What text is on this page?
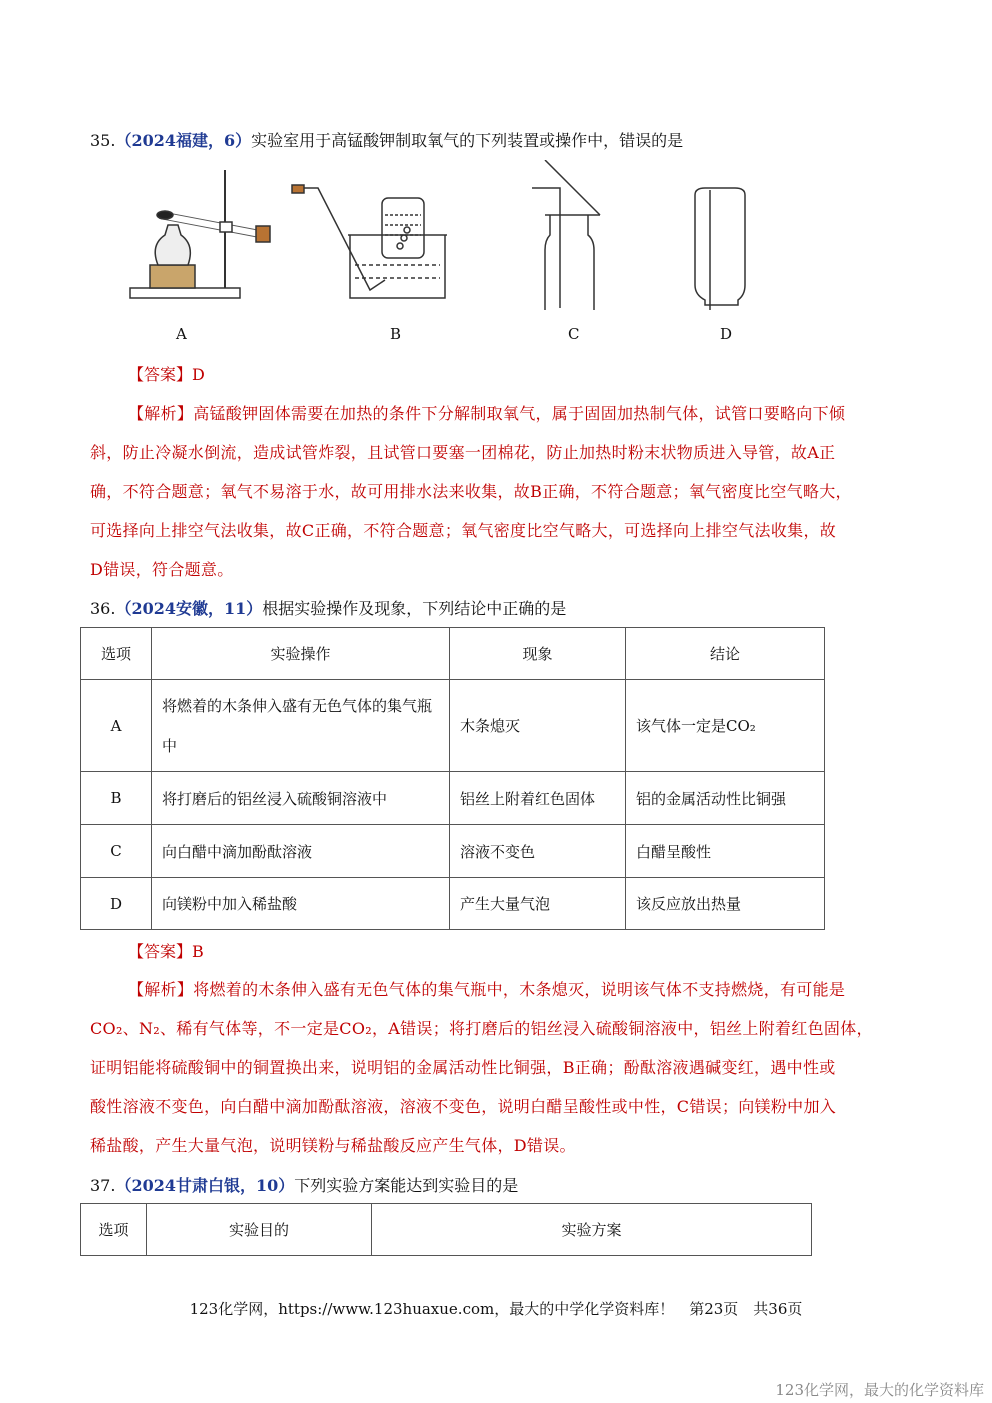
35.（2024福建，6）实验室用于高锰酸钾制取氧气的下列装置或操作中，错误的是
A	B	C	D
【答案】D
【解析】高锰酸钾固体需要在加热的条件下分解制取氧气，属于固固加热制气体，试管口要略向下倾
斜，防止冷凝水倒流，造成试管炸裂，且试管口要塞一团棉花，防止加热时粉末状物质进入导管，故A正
确，不符合题意；氧气不易溶于水，故可用排水法来收集，故B正确，不符合题意；氧气密度比空气略大，
可选择向上排空气法收集，故C正确，不符合题意；氧气密度比空气略大，可选择向上排空气法收集，故
D错误，符合题意。
36.（2024安徽，11）根据实验操作及现象，下列结论中正确的是
选项	实验操作	现象	结论
A	将燃着的木条伸入盛有无色气体的集气瓶中	木条熄灭	该气体一定是CO₂
B	将打磨后的铝丝浸入硫酸铜溶液中	铝丝上附着红色固体	铝的金属活动性比铜强
C	向白醋中滴加酚酞溶液	溶液不变色	白醋呈酸性
D	向镁粉中加入稀盐酸	产生大量气泡	该反应放出热量
【答案】B
【解析】将燃着的木条伸入盛有无色气体的集气瓶中，木条熄灭，说明该气体不支持燃烧，有可能是
CO₂、N₂、稀有气体等，不一定是CO₂，A错误；将打磨后的铝丝浸入硫酸铜溶液中，铝丝上附着红色固体，
证明铝能将硫酸铜中的铜置换出来，说明铝的金属活动性比铜强，B正确；酚酞溶液遇碱变红，遇中性或
酸性溶液不变色，向白醋中滴加酚酞溶液，溶液不变色，说明白醋呈酸性或中性，C错误；向镁粉中加入
稀盐酸，产生大量气泡，说明镁粉与稀盐酸反应产生气体，D错误。
37.（2024甘肃白银，10）下列实验方案能达到实验目的是
选项	实验目的	实验方案
123化学网，https://www.123huaxue.com，最大的中学化学资料库！　第23页　共36页
123化学网，最大的化学资料库
